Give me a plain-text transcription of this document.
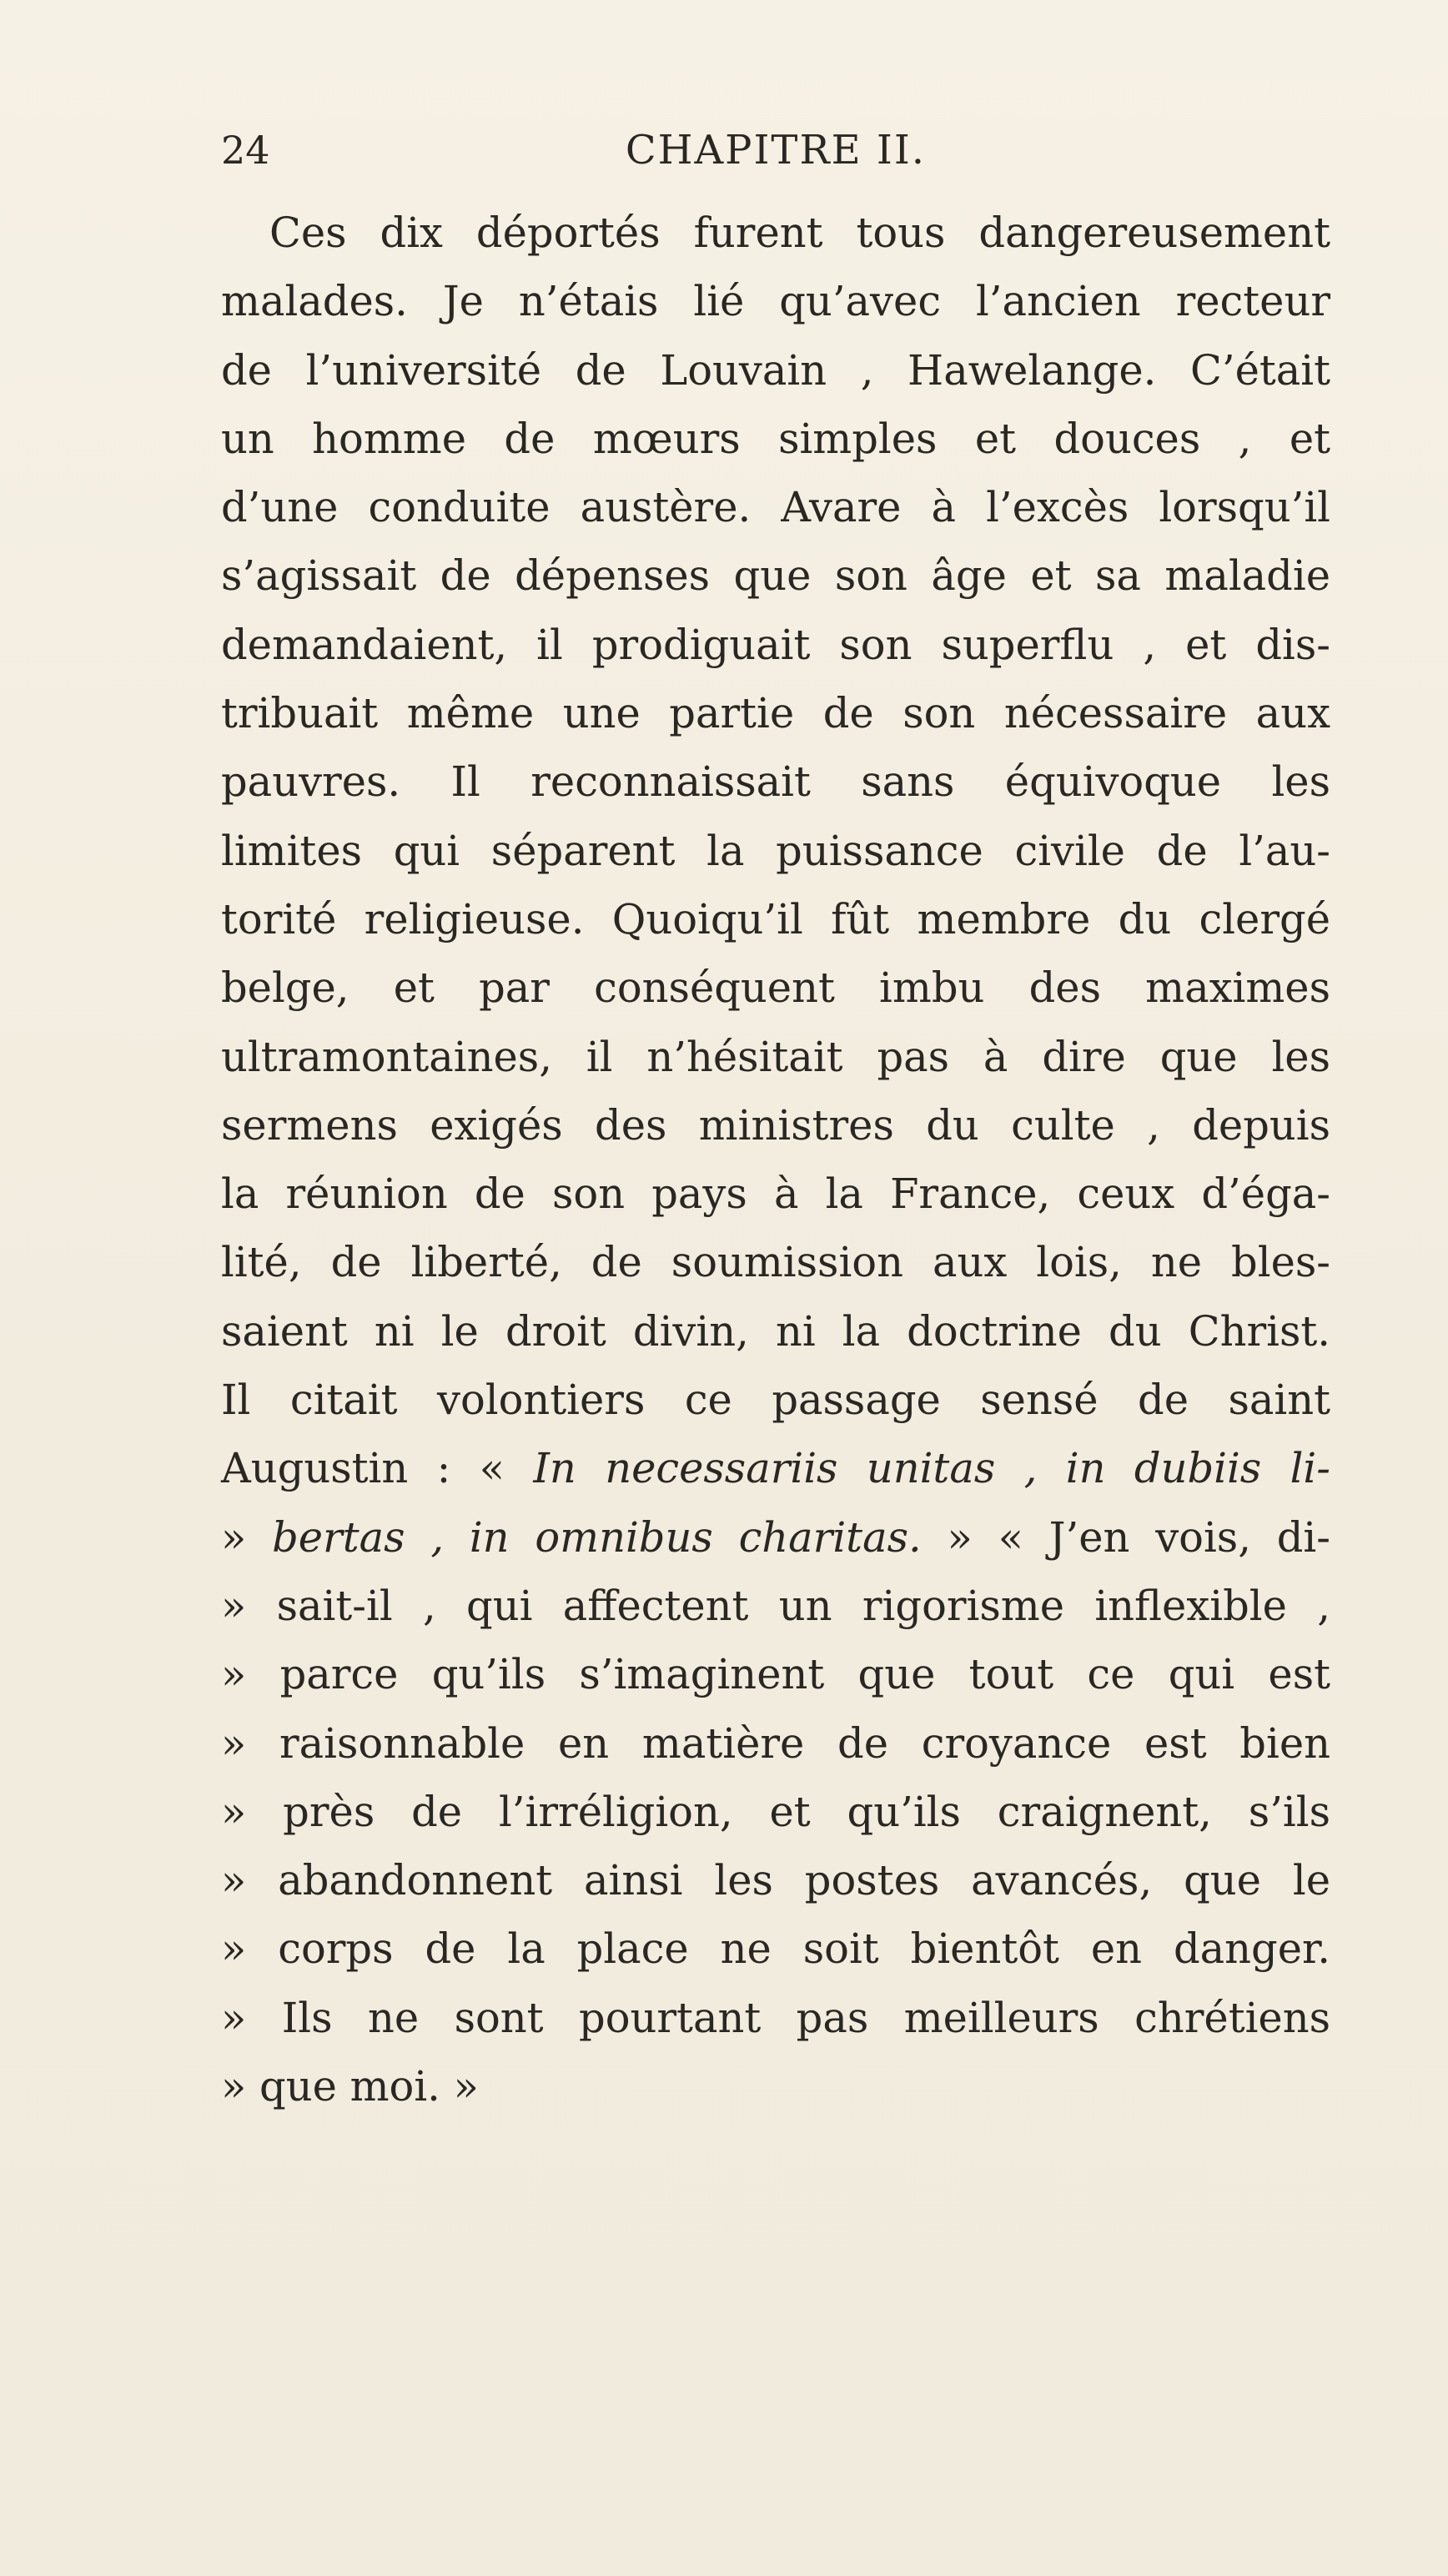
24	CHAPITRE II.
Ces dix déportés furent tous dangereusement
malades. Je n’étais lié qu’avec l’ancien recteur
de l’université de Louvain , Hawelange. C’était
un homme de mœurs simples et douces , et
d’une conduite austère. Avare à l’excès lorsqu’il
s’agissait de dépenses que son âge et sa maladie
demandaient, il prodiguait son superflu , et dis-
tribuait même une partie de son nécessaire aux
pauvres. Il reconnaissait sans équivoque les
limites qui séparent la puissance civile de l’au-
torité religieuse. Quoiqu’il fût membre du clergé
belge, et par conséquent imbu des maximes
ultramontaines, il n’hésitait pas à dire que les
sermens exigés des ministres du culte , depuis
la réunion de son pays à la France, ceux d’éga-
lité, de liberté, de soumission aux lois, ne bles-
saient ni le droit divin, ni la doctrine du Christ.
Il citait volontiers ce passage sensé de saint
Augustin : « In necessariis unitas , in dubiis li-
» bertas , in omnibus charitas. » « J’en vois, di-
» sait-il , qui affectent un rigorisme inflexible ,
» parce qu’ils s’imaginent que tout ce qui est
» raisonnable en matière de croyance est bien
» près de l’irréligion, et qu’ils craignent, s’ils
» abandonnent ainsi les postes avancés, que le
» corps de la place ne soit bientôt en danger.
» Ils ne sont pourtant pas meilleurs chrétiens
» que moi. »
